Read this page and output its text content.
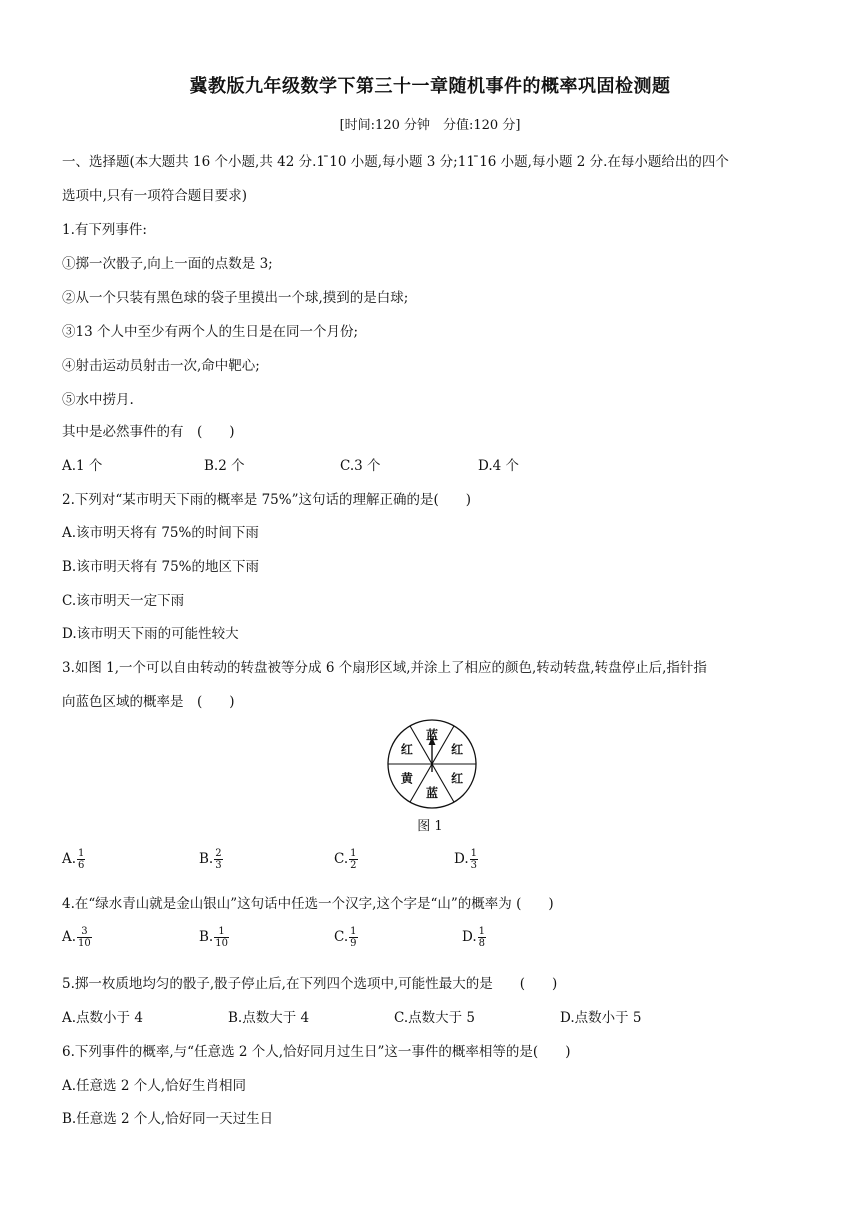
冀教版九年级数学下第三十一章随机事件的概率巩固检测题
[时间:120 分钟　分值:120 分]
一、选择题(本大题共 16 个小题,共 42 分.1 ̄10 小题,每小题 3 分;11 ̄16 小题,每小题 2 分.在每小题给出的四个
选项中,只有一项符合题目要求)
1.有下列事件:
①掷一次骰子,向上一面的点数是 3;
②从一个只装有黑色球的袋子里摸出一个球,摸到的是白球;
③13 个人中至少有两个人的生日是在同一个月份;
④射击运动员射击一次,命中靶心;
⑤水中捞月.
其中是必然事件的有　(　　)
A.1 个	B.2 个	C.3 个	D.4 个
2.下列对“某市明天下雨的概率是 75%”这句话的理解正确的是(　　)
A.该市明天将有 75%的时间下雨
B.该市明天将有 75%的地区下雨
C.该市明天一定下雨
D.该市明天下雨的可能性较大
3.如图 1,一个可以自由转动的转盘被等分成 6 个扇形区域,并涂上了相应的颜色,转动转盘,转盘停止后,指针指
向蓝色区域的概率是　(　　)
蓝
红
红
蓝
黄
红
图 1
A. $\frac{1}{6}$	B. $\frac{2}{3}$	C. $\frac{1}{2}$	D. $\frac{1}{3}$
4.在“绿水青山就是金山银山”这句话中任选一个汉字,这个字是“山”的概率为 (　　)
A. $\frac{3}{10}$	B. $\frac{1}{10}$	C. $\frac{1}{9}$	D. $\frac{1}{8}$
5.掷一枚质地均匀的骰子,骰子停止后,在下列四个选项中,可能性最大的是　　(　　)
A.点数小于 4	B.点数大于 4	C.点数大于 5	D.点数小于 5
6.下列事件的概率,与“任意选 2 个人,恰好同月过生日”这一事件的概率相等的是(　　)
A.任意选 2 个人,恰好生肖相同
B.任意选 2 个人,恰好同一天过生日
